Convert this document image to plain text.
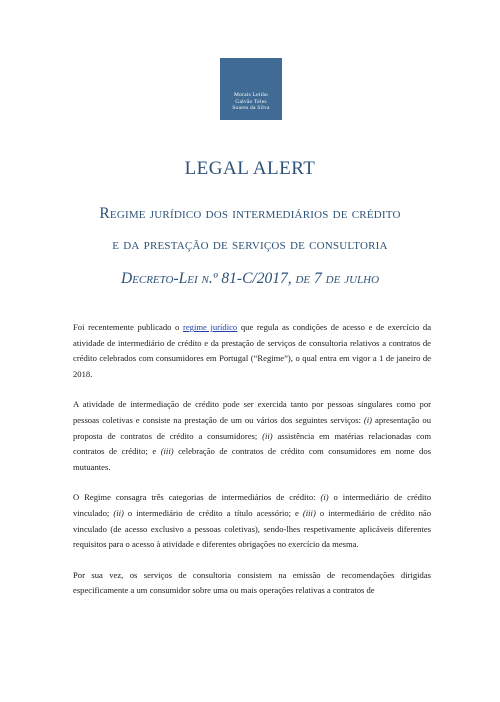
Morais Leitão
Galvão Teles
Soares da Silva
LEGAL ALERT
Regime jurídico dos intermediários de crédito
e da prestação de serviços de consultoria
Decreto-Lei n.º 81-C/2017, de 7 de julho

Foi recentemente publicado o regime jurídico que regula as condições de acesso e de exercício da atividade de intermediário de crédito e da prestação de serviços de consultoria relativos a contratos de crédito celebrados com consumidores em Portugal (“Regime”), o qual entra em vigor a 1 de janeiro de 2018.

A atividade de intermediação de crédito pode ser exercida tanto por pessoas singulares como por pessoas coletivas e consiste na prestação de um ou vários dos seguintes serviços: (i) apresentação ou proposta de contratos de crédito a consumidores; (ii) assistência em matérias relacionadas com contratos de crédito; e (iii) celebração de contratos de crédito com consumidores em nome dos mutuantes.

O Regime consagra três categorias de intermediários de crédito: (i) o intermediário de crédito vinculado; (ii) o intermediário de crédito a título acessório; e (iii) o intermediário de crédito não vinculado (de acesso exclusivo a pessoas coletivas), sendo-lhes respetivamente aplicáveis diferentes requisitos para o acesso à atividade e diferentes obrigações no exercício da mesma.

Por sua vez, os serviços de consultoria consistem na emissão de recomendações dirigidas especificamente a um consumidor sobre uma ou mais operações relativas a contratos de
